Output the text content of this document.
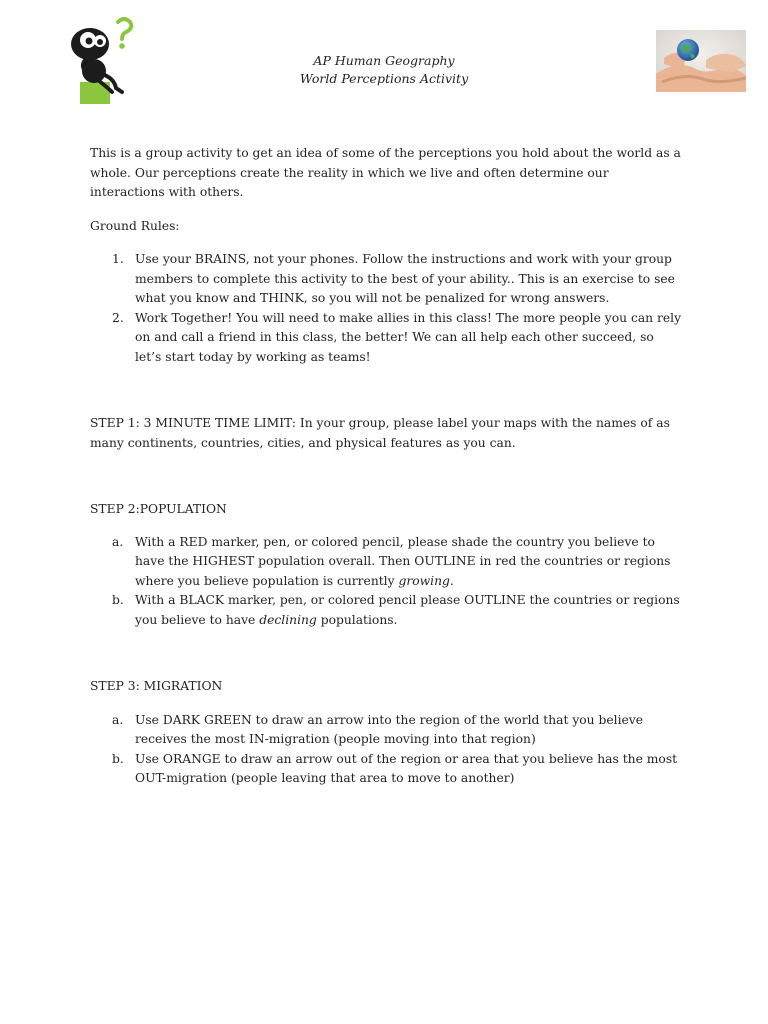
AP Human Geography
World Perceptions Activity

This is a group activity to get an idea of some of the perceptions you hold about the world as a whole. Our perceptions create the reality in which we live and often determine our interactions with others.

Ground Rules:

1. Use your BRAINS, not your phones. Follow the instructions and work with your group members to complete this activity to the best of your ability.. This is an exercise to see what you know and THINK, so you will not be penalized for wrong answers.
2. Work Together! You will need to make allies in this class! The more people you can rely on and call a friend in this class, the better! We can all help each other succeed, so let’s start today by working as teams!

STEP 1: 3 MINUTE TIME LIMIT: In your group, please label your maps with the names of as many continents, countries, cities, and physical features as you can.

STEP 2:POPULATION

a. With a RED marker, pen, or colored pencil, please shade the country you believe to have the HIGHEST population overall. Then OUTLINE in red the countries or regions where you believe population is currently growing.
b. With a BLACK marker, pen, or colored pencil please OUTLINE the countries or regions you believe to have declining populations.

STEP 3: MIGRATION

a. Use DARK GREEN to draw an arrow into the region of the world that you believe receives the most IN-migration (people moving into that region)
b. Use ORANGE to draw an arrow out of the region or area that you believe has the most OUT-migration (people leaving that area to move to another)
